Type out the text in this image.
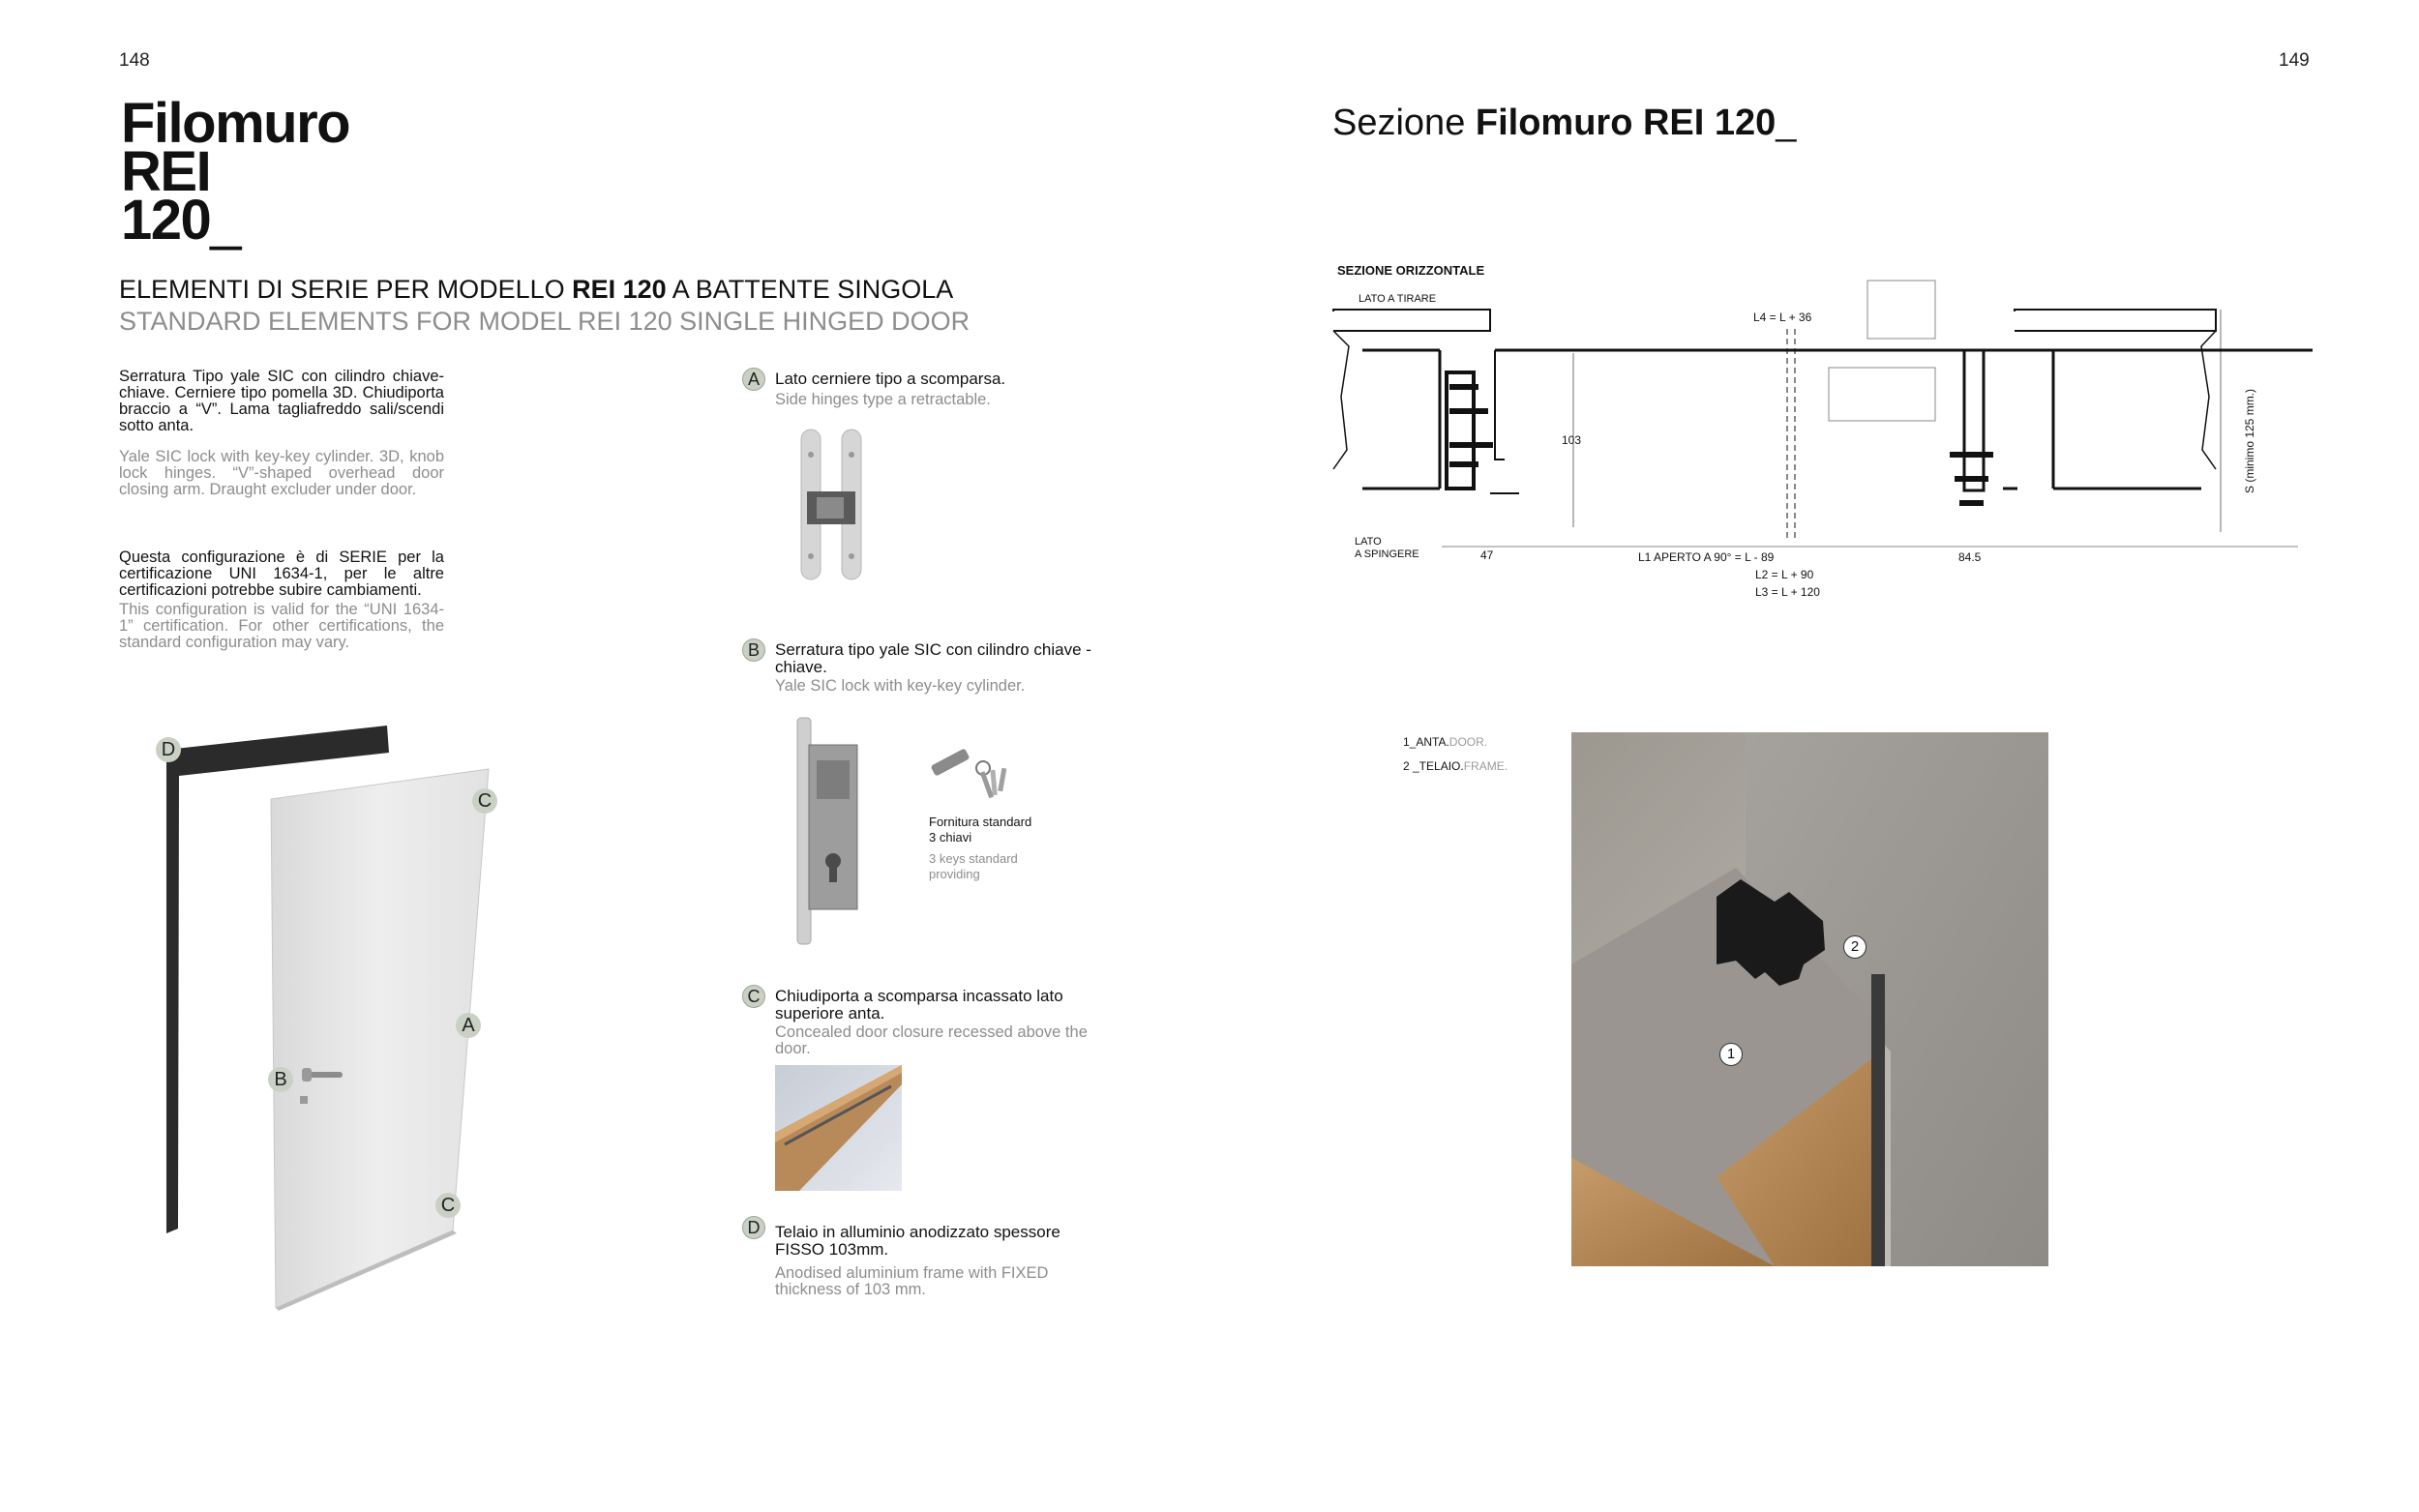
148
Filomuro
REI
120_
ELEMENTI DI SERIE PER MODELLO REI 120 A BATTENTE SINGOLA
STANDARD ELEMENTS FOR MODEL REI 120 SINGLE HINGED DOOR
Serratura Tipo yale SIC con cilindro chiave-chiave. Cerniere tipo pomella 3D. Chiudiporta braccio a “V”. Lama tagliafreddo sali/scendi sotto anta.
Yale SIC lock with key-key cylinder. 3D, knob lock hinges. “V”-shaped overhead door closing arm. Draught excluder under door.
Questa configurazione è di SERIE per la certificazione UNI 1634-1, per le altre certificazioni potrebbe subire cambiamenti.
This configuration is valid for the “UNI 1634-1” certification. For other certifications, the standard configuration may vary.
D
C
A
B
C
A Lato cerniere tipo a scomparsa.
Side hinges type a retractable.
B Serratura tipo yale SIC con cilindro chiave - chiave.
Yale SIC lock with key-key cylinder.
Fornitura standard
3 chiavi
3 keys standard
providing
C Chiudiporta a scomparsa incassato lato superiore anta.
Concealed door closure recessed above the door.
D Telaio in alluminio anodizzato spessore FISSO 103mm.
Anodised aluminium frame with FIXED thickness of 103 mm.
149
Sezione Filomuro REI 120_
SEZIONE ORIZZONTALE
LATO A TIRARE
L4 = L + 36
103
LATO
A SPINGERE	47	L1 APERTO A 90° = L - 89	84.5
L2 = L + 90
L3 = L + 120
S (minimo 125 mm.)
1_ANTA.DOOR.
2 _TELAIO.FRAME.
2
1
